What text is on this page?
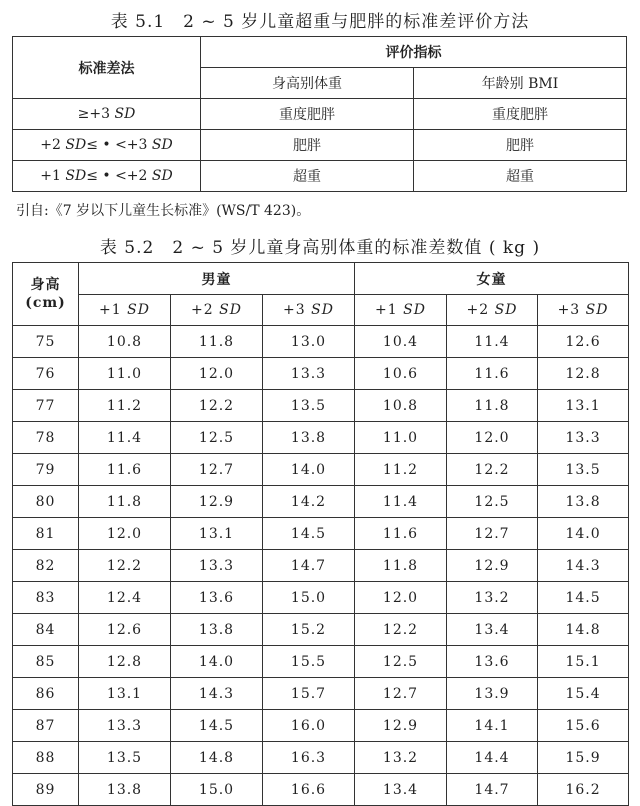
表 5.1　2 ~ 5 岁儿童超重与肥胖的标准差评价方法
标准差法	评价指标	
	身高别体重	年龄别 BMI
≥+3 SD	重度肥胖	重度肥胖
+2 SD≤ • <+3 SD	肥胖	肥胖
+1 SD≤ • <+2 SD	超重	超重
引自:《7 岁以下儿童生长标准》(WS/T 423)。
表 5.2　2 ~ 5 岁儿童身高别体重的标准差数值 ( kg )
身高
(cm)	男童			女童		
	+1 SD	+2 SD	+3 SD	+1 SD	+2 SD	+3 SD
75	10.8	11.8	13.0	10.4	11.4	12.6
76	11.0	12.0	13.3	10.6	11.6	12.8
77	11.2	12.2	13.5	10.8	11.8	13.1
78	11.4	12.5	13.8	11.0	12.0	13.3
79	11.6	12.7	14.0	11.2	12.2	13.5
80	11.8	12.9	14.2	11.4	12.5	13.8
81	12.0	13.1	14.5	11.6	12.7	14.0
82	12.2	13.3	14.7	11.8	12.9	14.3
83	12.4	13.6	15.0	12.0	13.2	14.5
84	12.6	13.8	15.2	12.2	13.4	14.8
85	12.8	14.0	15.5	12.5	13.6	15.1
86	13.1	14.3	15.7	12.7	13.9	15.4
87	13.3	14.5	16.0	12.9	14.1	15.6
88	13.5	14.8	16.3	13.2	14.4	15.9
89	13.8	15.0	16.6	13.4	14.7	16.2
